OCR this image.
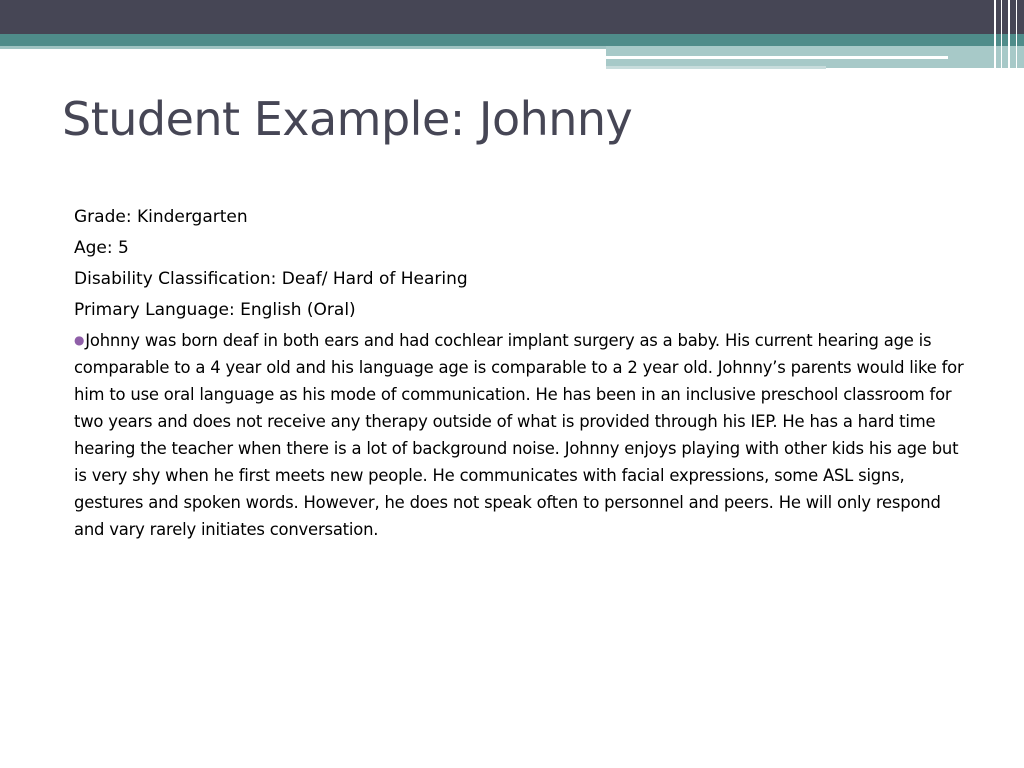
Student Example: Johnny

Grade: Kindergarten

Age: 5

Disability Classification: Deaf/ Hard of Hearing

Primary Language: English (Oral)

●Johnny was born deaf in both ears and had cochlear implant surgery as a baby. His current hearing age is comparable to a 4 year old and his language age is comparable to a 2 year old. Johnny’s parents would like for him to use oral language as his mode of communication. He has been in an inclusive preschool classroom for two years and does not receive any therapy outside of what is provided through his IEP. He has a hard time hearing the teacher when there is a lot of background noise. Johnny enjoys playing with other kids his age but is very shy when he first meets new people. He communicates with facial expressions, some ASL signs, gestures and spoken words. However, he does not speak often to personnel and peers. He will only respond and vary rarely initiates conversation.
